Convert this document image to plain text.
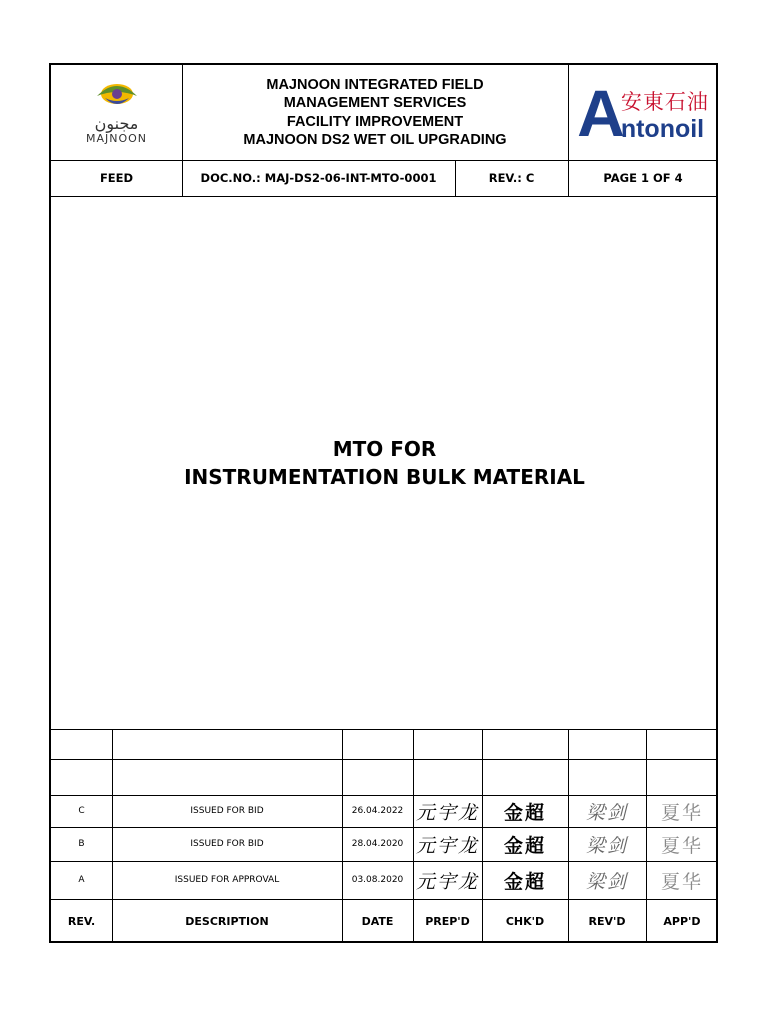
مجنون
MAJNOON
MAJNOON INTEGRATED FIELD
MANAGEMENT SERVICES
FACILITY IMPROVEMENT
MAJNOON DS2 WET OIL UPGRADING A
安東石油
ntonoil
FEED	DOC.NO.: MAJ-DS2-06-INT-MTO-0001	REV.: C	PAGE 1 OF 4
MTO FOR
INSTRUMENTATION BULK MATERIAL
C	ISSUED FOR BID	26.04.2022 元宇龙	金超	梁剑	夏华
B	ISSUED FOR BID	28.04.2020 元宇龙	金超	梁剑	夏华
A	ISSUED FOR APPROVAL	03.08.2020 元宇龙	金超	梁剑	夏华
REV.	DESCRIPTION	DATE	PREP'D	CHK'D	REV'D	APP'D
